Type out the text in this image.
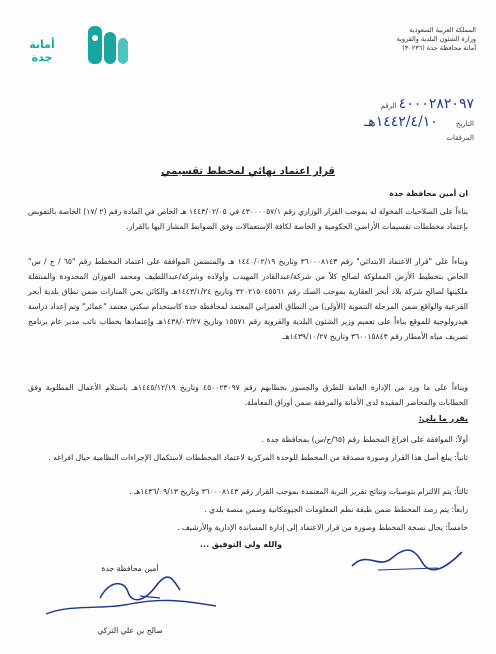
المملكة العربية السعودية
وزارة الشئون البلدية والقروية
أمانة محافظة جدة (٣٠٢٣٦)
أمانة
جدة
الرقم ٤٠٠٠٢٨٢٠٩٧
التاريخ ١٤٤٢/٤/١٠هـ
المرفقات
قرار اعتماد نهائي لمخطط تقسيمي
ان أمين محافظة جدة
بناءاً على الصلاحيات المخولة له بموجب القرار الوزاري رقم ٤٣٠٠٠٠٥٧/١ في ١٤٤٣/٠٢/٠٥ هـ الخاص في المادة رقم (٢ /١٧) الخاصة بالتفويض بإعتماد مخططات تقسيمات الأراضي الحكومية و الخاصة لكافة الإستعمالات وفق الضوابط المشار اليها بالقرار.
وبناءاً على "قرار الاعتماد الابتدائي" رقم ٣٦٠٠٠٨١٤٣ وتاريخ ١٤٤٠/٠٢/١٩ هـ والمتضمن الموافقة على اعتماد المخطط رقم "٦٥ / ج / س" الخاص بتخطيط الأرض المملوكة لصالح كلاً من شركة/عبدالقادر المهيدب وأولاده وشركة/عبداللطيف ومحمد الفوزان المحدودة والمنتقلة ملكيتها لصالح شركة بلاد أبحر العقارية بموجب الصك رقم ٣٢٠٢١٥٠٤٥٥٦١ وتاريخ ١٤٤٣/١/٢٤هـ والكائن بحي المنارات ضمن نطاق بلدية أبحر الفرعية والواقع ضمن المرحلة التنموية (الأولى) من النطاق العمراني المعتمد لمحافظة جدة كاستخدام سكني معتمد "عمائر" وتم إعداد دراسة هيدرولوجية للموقع بناءاً على تعميم وزير الشئون البلدية والقروية رقم ١٥٥٧١ وتاريخ ١٤٣٨/٠٣/٢٧هـ وإعتمادها بخطاب نائب مدير عام برنامج تصريف مياه الأمطار رقم ٣٦٠٠١٥٨٤٣ وتاريخ ١٤٣٩/١٠/٢٧هـ.
وبناءاً على ما ورد من الإدارة العامة للطرق والجسور بخطابهم رقم ٤٥٠٠٢٣٠٩٧ وتاريخ ١٤٤٥/١٢/١٩هـ باستلام الأعمال المطلوبة وفق الخطابات والمحاضر المقيدة لدى الأمانة والمرفقة ضمن أوراق المعاملة.
يقرر ما يلي:
أولاً: الموافقة على افراغ المخطط رقم (٦٥/ج/س) بمحافظة جدة .
ثانياً: يبلغ أصل هذا القرار وصورة مصدقة من المخطط للوحدة المركزية لاعتماد المخططات لاستكمال الإجراءات النظامية حيال افراغه .
ثالثاً: يتم الالتزام بتوصيات ونتائج تقرير التربة المعتمدة بموجب القرار رقم ٣٦٠٠٠٨١٤٣ وتاريخ ١٤٣٦/٠٩/١٣هـ .
رابعاً: يتم رصد المخطط ضمن طبقة نظم المعلومات الجيومكانية وضمن منصة بلدي .
خامساً: يحال نسخة المخطط وصورة من قرار الاعتماد إلى إدارة المساندة الإدارية والأرشيف .
والله ولي التوفيق ...
أمين محافظة جدة
صالح بن علي التركي
